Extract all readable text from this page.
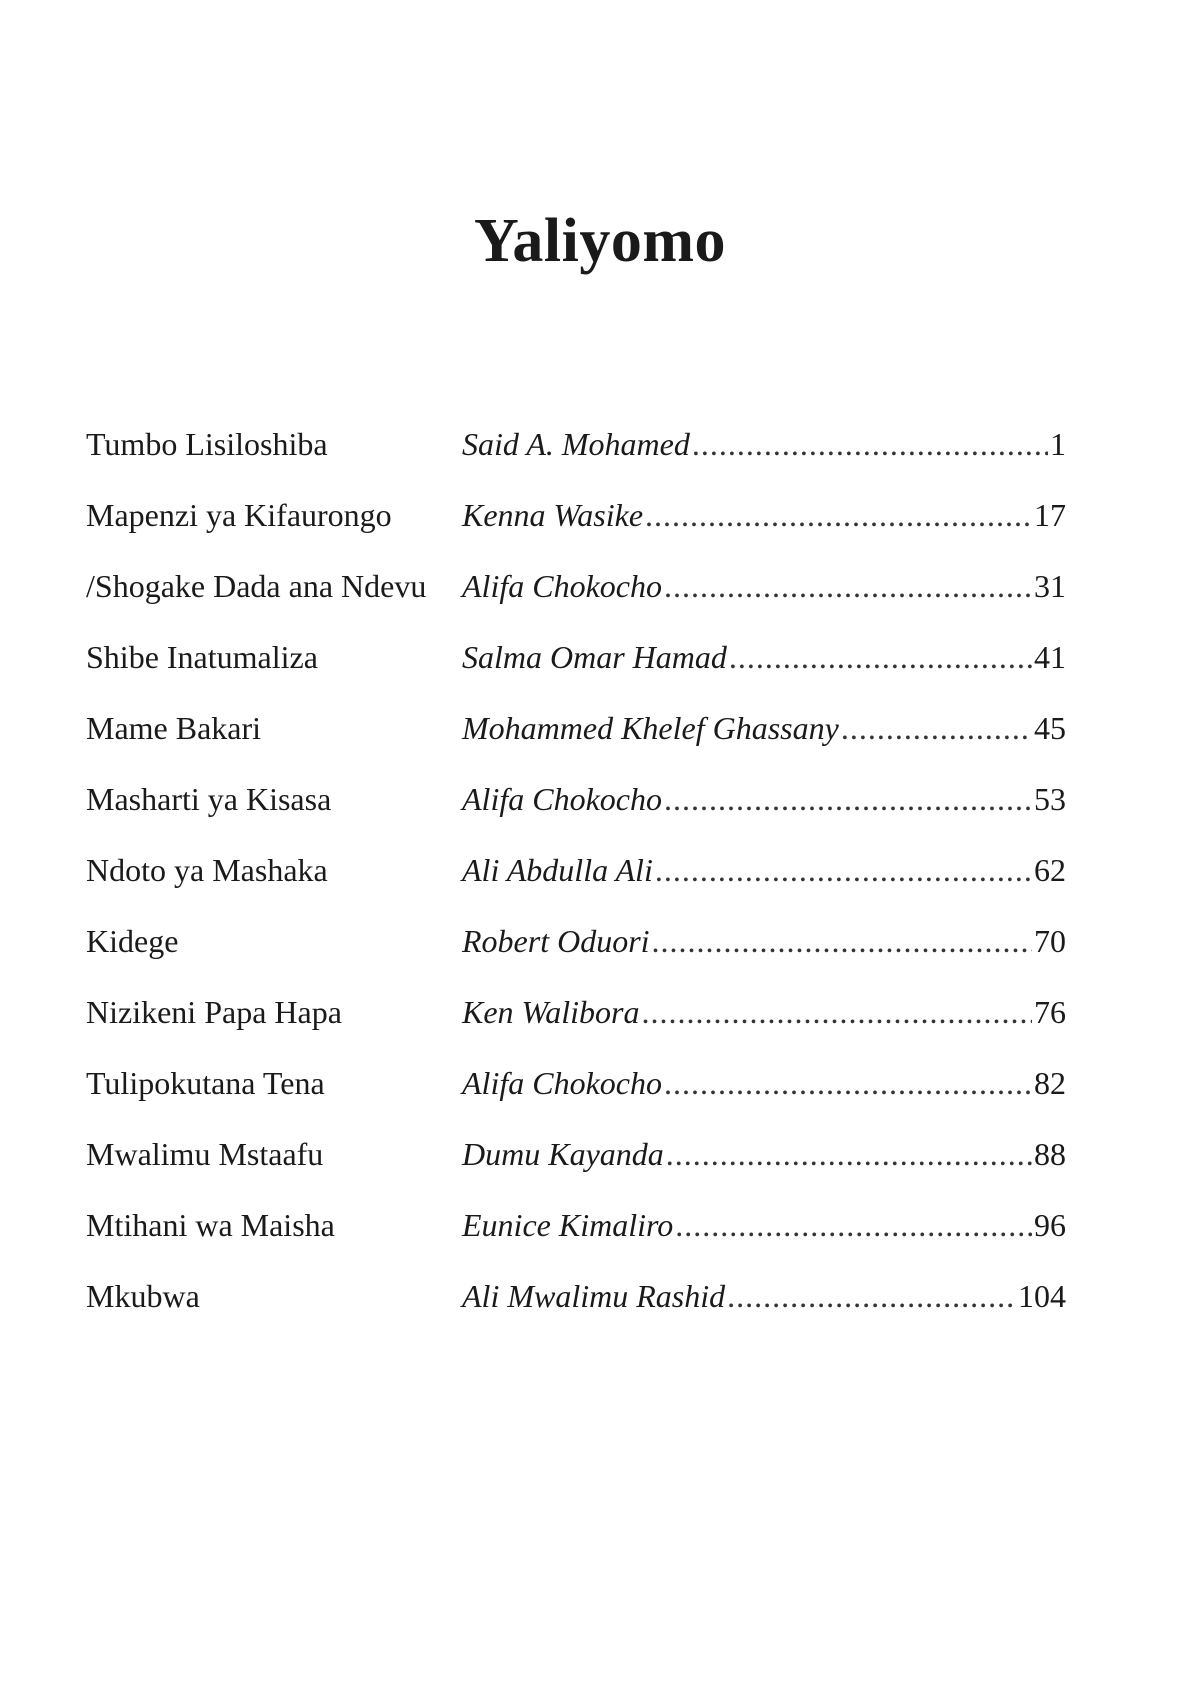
Yaliyomo
Tumbo Lisiloshiba	Said A. Mohamed .....	1
Mapenzi ya Kifaurongo	Kenna Wasike .....	17
/Shogake Dada ana Ndevu	Alifa Chokocho .....	31
Shibe Inatumaliza	Salma Omar Hamad .....	41
Mame Bakari	Mohammed Khelef Ghassany .....	45
Masharti ya Kisasa	Alifa Chokocho .....	53
Ndoto ya Mashaka	Ali Abdulla Ali .....	62
Kidege	Robert Oduori .....	70
Nizikeni Papa Hapa	Ken Walibora .....	76
Tulipokutana Tena	Alifa Chokocho .....	82
Mwalimu Mstaafu	Dumu Kayanda .....	88
Mtihani wa Maisha	Eunice Kimaliro .....	96
Mkubwa	Ali Mwalimu Rashid .....	104
